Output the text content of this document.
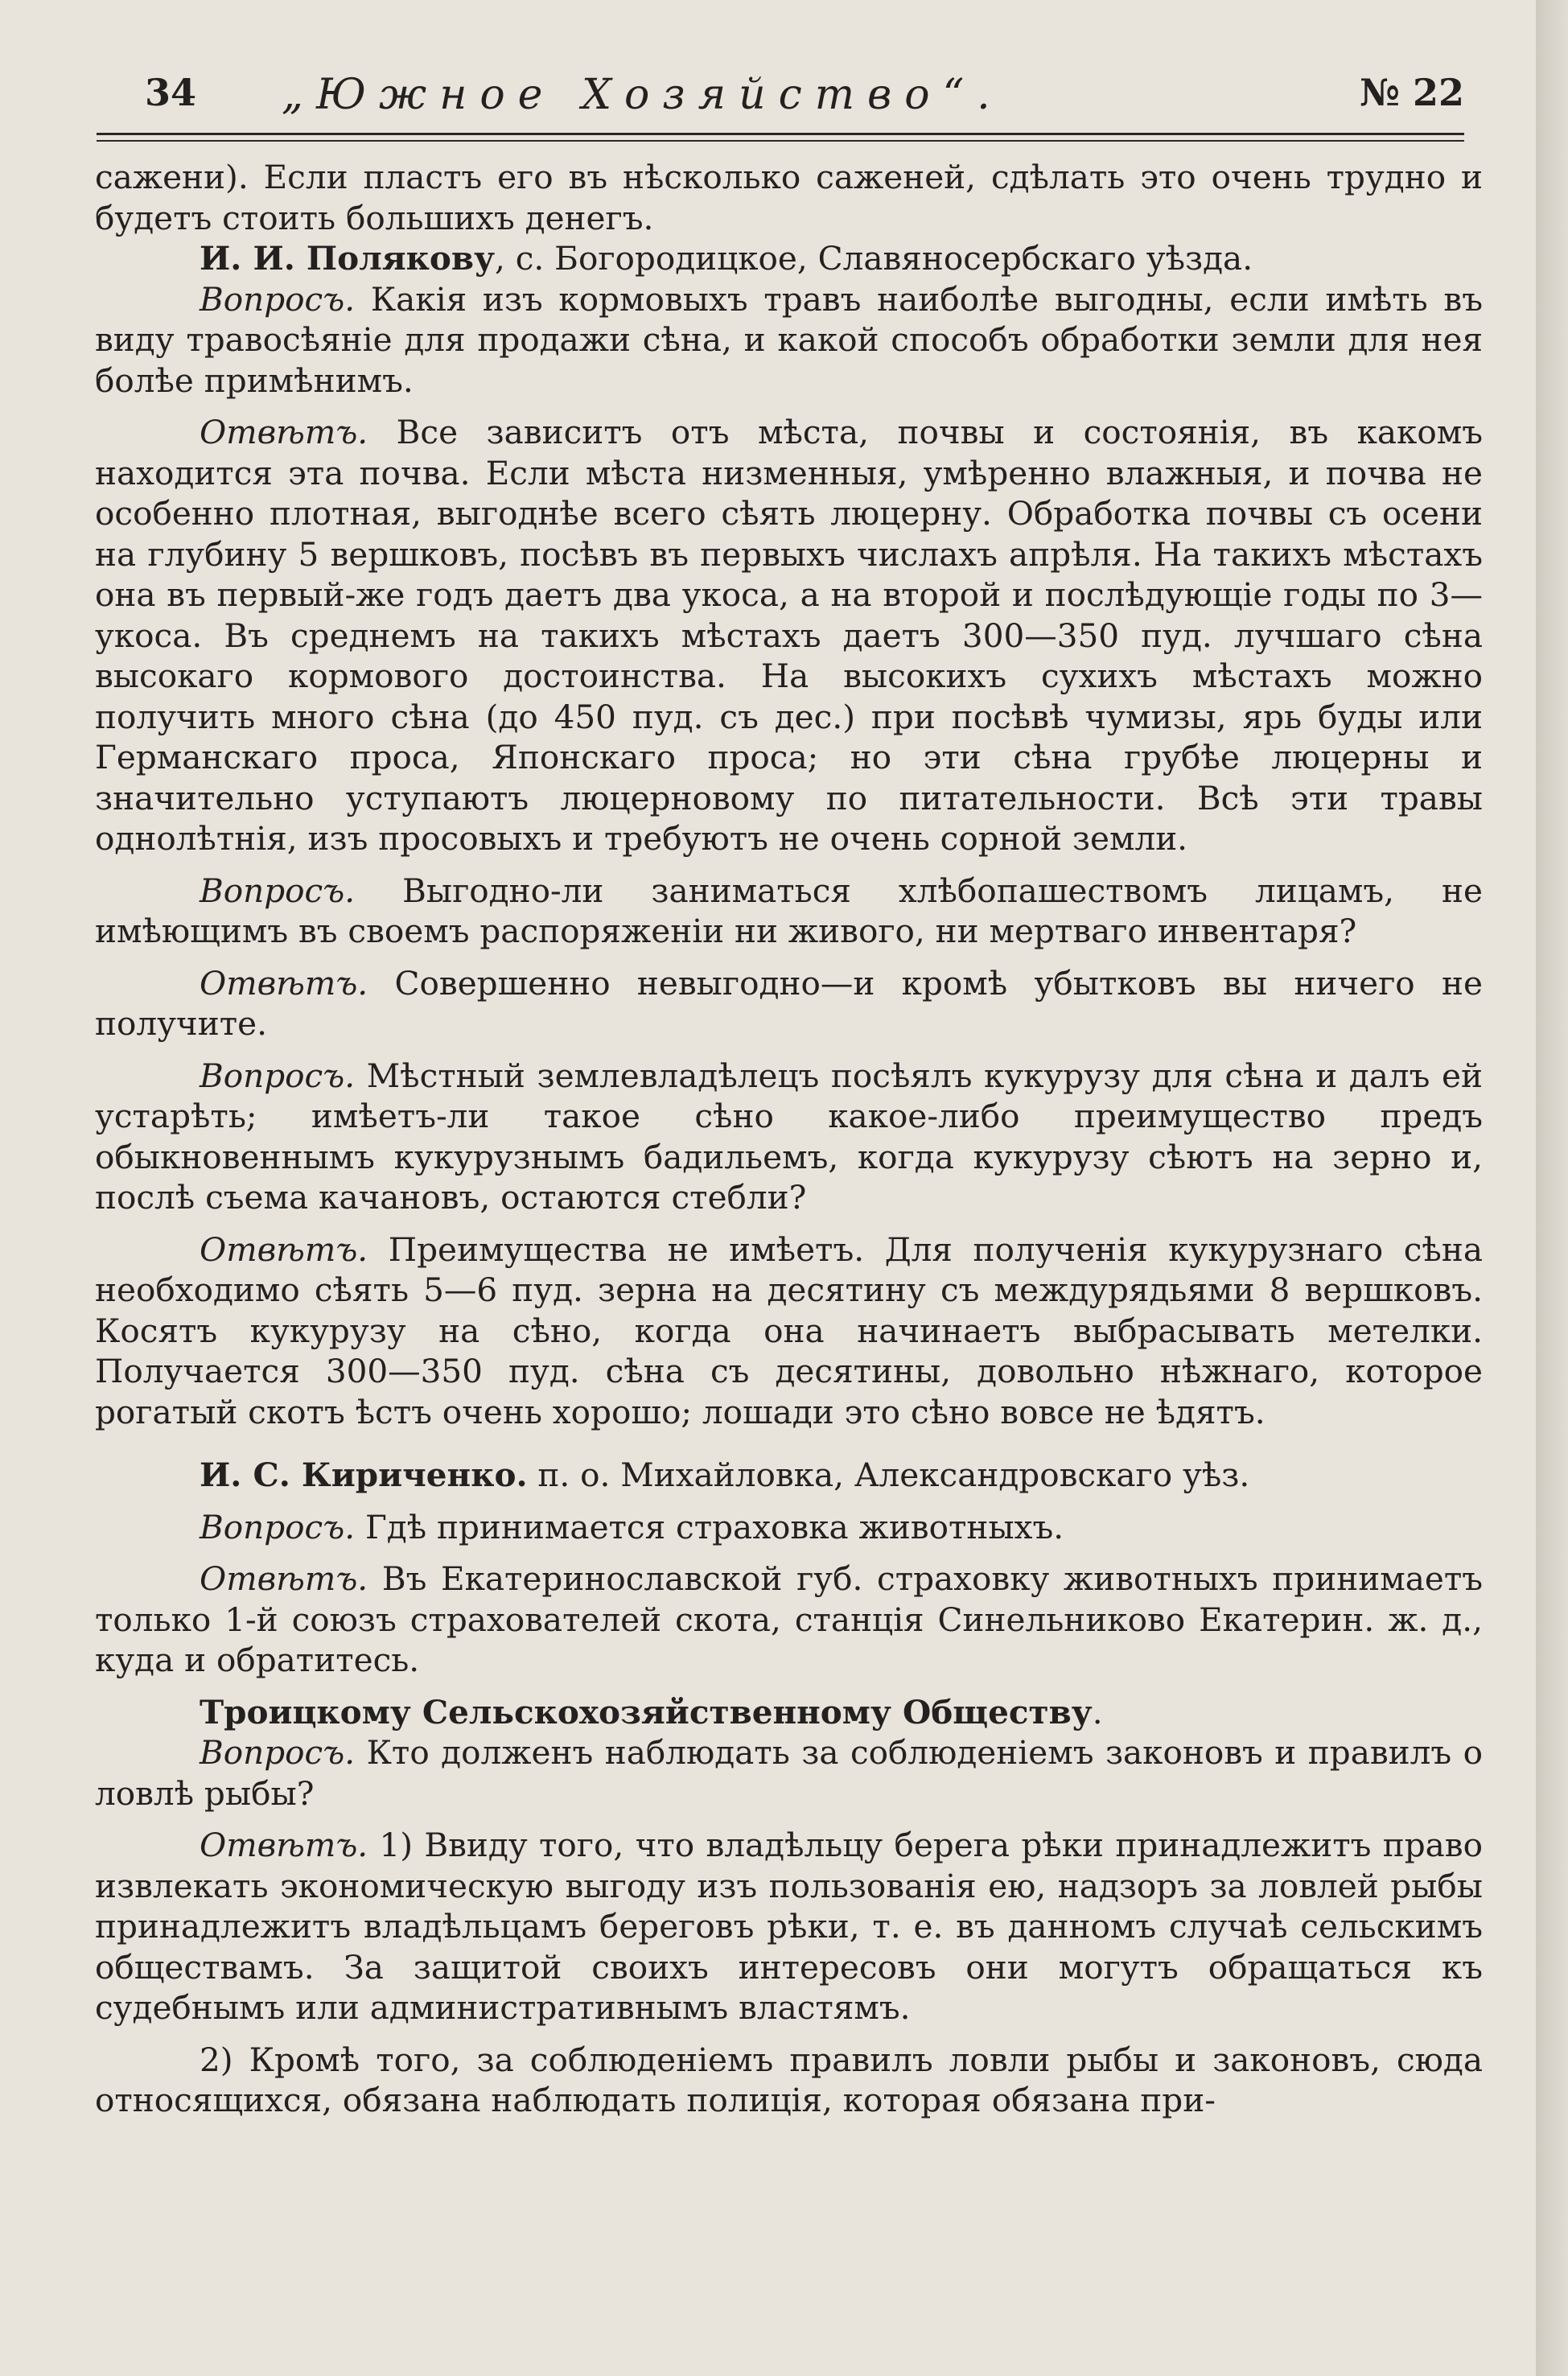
34 „Южное Хозяйство“.	№ 22

сажени). Если пластъ его въ нѣсколько саженей, сдѣлать это очень трудно и будетъ стоить большихъ денегъ.

И. И. Полякову, с. Богородицкое, Славяносербскаго уѣзда.

Вопросъ. Какія изъ кормовыхъ травъ наиболѣе выгодны, если имѣть въ виду травосѣяніе для продажи сѣна, и какой способъ обработки земли для нея болѣе примѣнимъ.

Отвѣтъ. Все зависитъ отъ мѣста, почвы и состоянія, въ какомъ находится эта почва. Если мѣста низменныя, умѣренно влажныя, и почва не особенно плотная, выгоднѣе всего сѣять люцерну. Обработка почвы съ осени на глубину 5 вершковъ, посѣвъ въ первыхъ числахъ апрѣля. На такихъ мѣстахъ она въ первый-же годъ даетъ два укоса, а на второй и послѣдующіе годы по 3—укоса. Въ среднемъ на такихъ мѣстахъ даетъ 300—350 пуд. лучшаго сѣна высокаго кормового достоинства. На высокихъ сухихъ мѣстахъ можно получить много сѣна (до 450 пуд. съ дес.) при посѣвѣ чумизы, ярь буды или Германскаго проса, Японскаго проса; но эти сѣна грубѣе люцерны и значительно уступаютъ люцерновому по питательности. Всѣ эти травы однолѣтнія, изъ просовыхъ и требуютъ не очень сорной земли.

Вопросъ. Выгодно-ли заниматься хлѣбопашествомъ лицамъ, не имѣющимъ въ своемъ распоряженіи ни живого, ни мертваго инвентаря?

Отвѣтъ. Совершенно невыгодно—и кромѣ убытковъ вы ничего не получите.

Вопросъ. Мѣстный землевладѣлецъ посѣялъ кукурузу для сѣна и далъ ей устарѣть; имѣетъ-ли такое сѣно какое-либо преимущество предъ обыкновеннымъ кукурузнымъ бадильемъ, когда кукурузу сѣютъ на зерно и, послѣ съема качановъ, остаются стебли?

Отвѣтъ. Преимущества не имѣетъ. Для полученія кукурузнаго сѣна необходимо сѣять 5—6 пуд. зерна на десятину съ междурядьями 8 вершковъ. Косятъ кукурузу на сѣно, когда она начинаетъ выбрасывать метелки. Получается 300—350 пуд. сѣна съ десятины, довольно нѣжнаго, которое рогатый скотъ ѣстъ очень хорошо; лошади это сѣно вовсе не ѣдятъ.

И. С. Кириченко. п. о. Михайловка, Александровскаго уѣз.

Вопросъ. Гдѣ принимается страховка животныхъ.

Отвѣтъ. Въ Екатеринославской губ. страховку животныхъ принимаетъ только 1-й союзъ страхователей скота, станція Синельниково Екатерин. ж. д., куда и обратитесь.

Троицкому Сельскохозяйственному Обществу.

Вопросъ. Кто долженъ наблюдать за соблюденіемъ законовъ и правилъ о ловлѣ рыбы?

Отвѣтъ. 1) Ввиду того, что владѣльцу берега рѣки принадлежитъ право извлекать экономическую выгоду изъ пользованія ею, надзоръ за ловлей рыбы принадлежитъ владѣльцамъ береговъ рѣки, т. е. въ данномъ случаѣ сельскимъ обществамъ. За защитой своихъ интересовъ они могутъ обращаться къ судебнымъ или административнымъ властямъ.

2) Кромѣ того, за соблюденіемъ правилъ ловли рыбы и законовъ, сюда относящихся, обязана наблюдать полиція, которая обязана при-
